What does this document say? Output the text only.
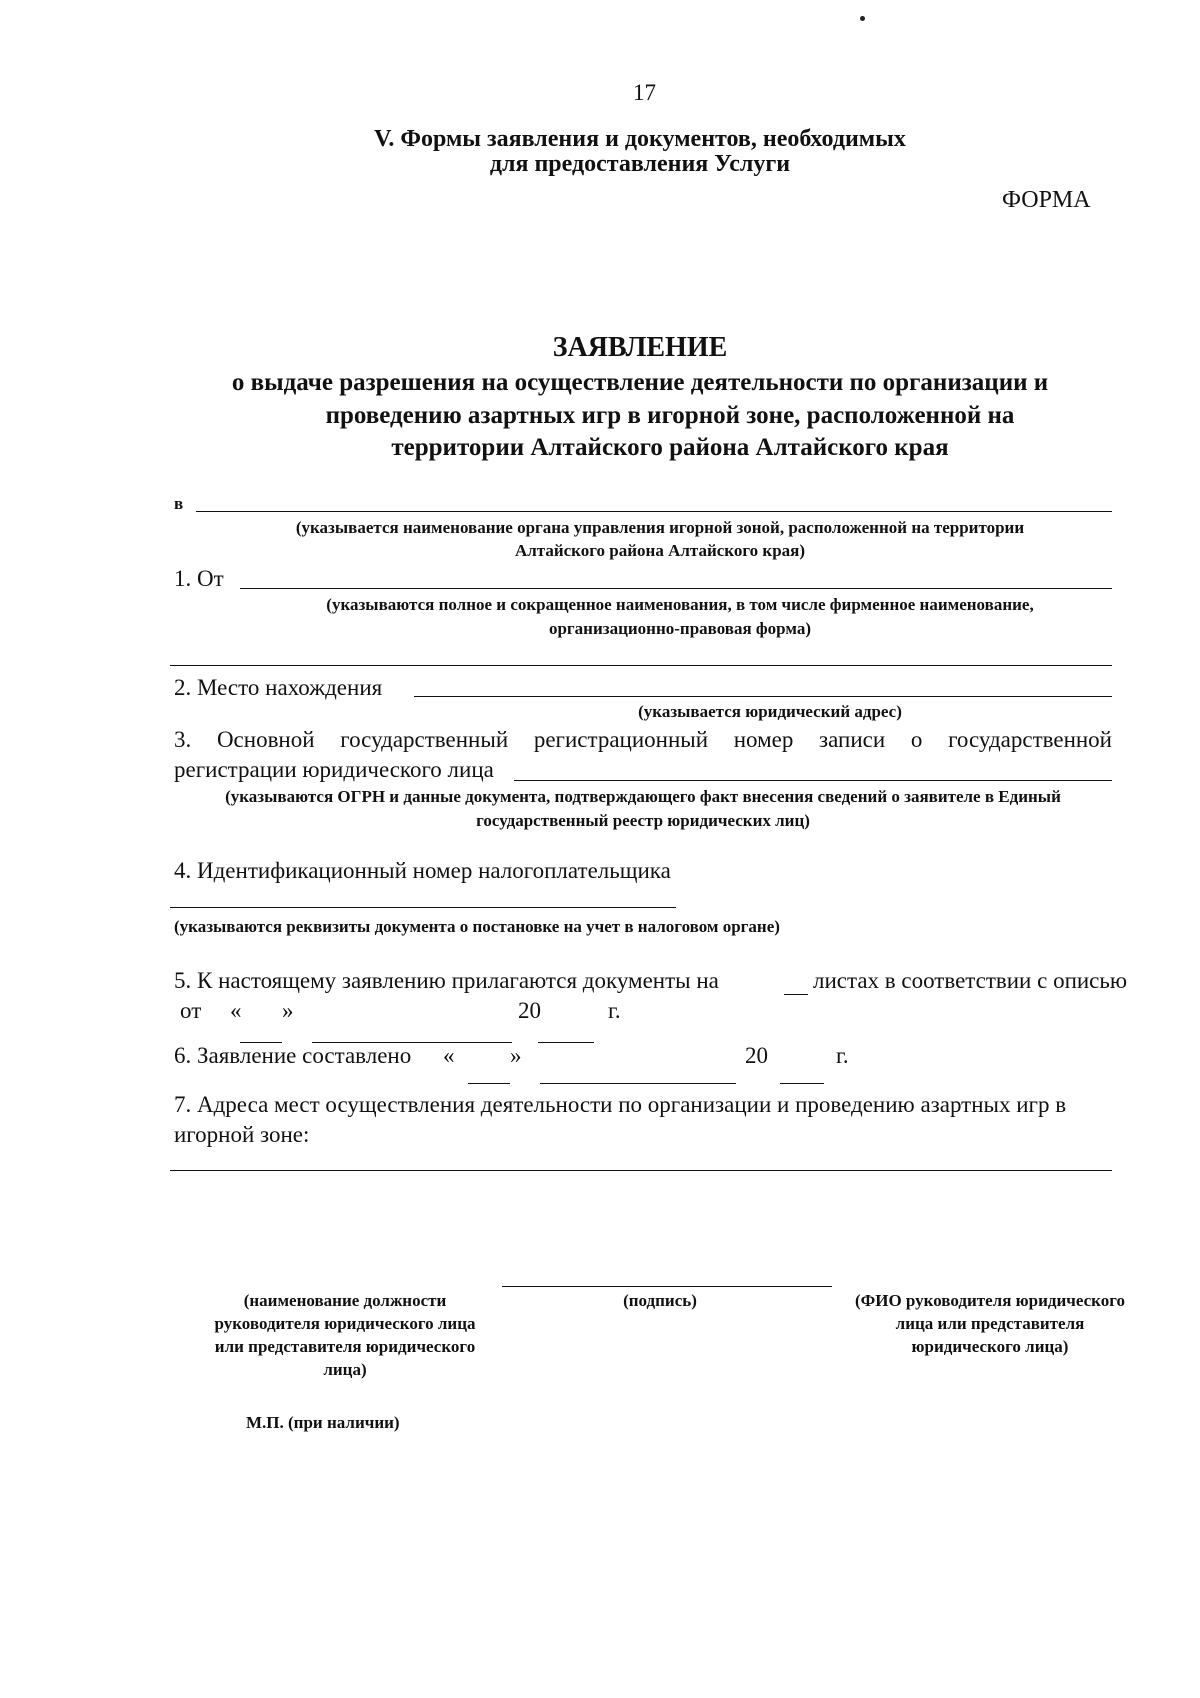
17
V. Формы заявления и документов, необходимых
для предоставления Услуги
ФОРМА
ЗАЯВЛЕНИЕ
о выдаче разрешения на осуществление деятельности по организации и
проведению азартных игр в игорной зоне, расположенной на
территории Алтайского района Алтайского края
в
(указывается наименование органа управления игорной зоной, расположенной на территории
Алтайского района Алтайского края)
1. От
(указываются полное и сокращенное наименования, в том числе фирменное наименование,
организационно-правовая форма)
2. Место нахождения
(указывается юридический адрес)
3. Основной государственный регистрационный номер записи о государственной
регистрации юридического лица
(указываются ОГРН и данные документа, подтверждающего факт внесения сведений о заявителе в Единый
государственный реестр юридических лиц)
4. Идентификационный номер налогоплательщика
(указываются реквизиты документа о постановке на учет в налоговом органе)
5. К настоящему заявлению прилагаются документы на	листах в соответствии с описью
от « »	20	г.
6. Заявление составлено « »	20	г.
7. Адреса мест осуществления деятельности по организации и проведению азартных игр в
игорной зоне:
(наименование должности
руководителя юридического лица
или представителя юридического
лица)
(подпись)	(ФИО руководителя юридического
лица или представителя
юридического лица)
М.П. (при наличии)
